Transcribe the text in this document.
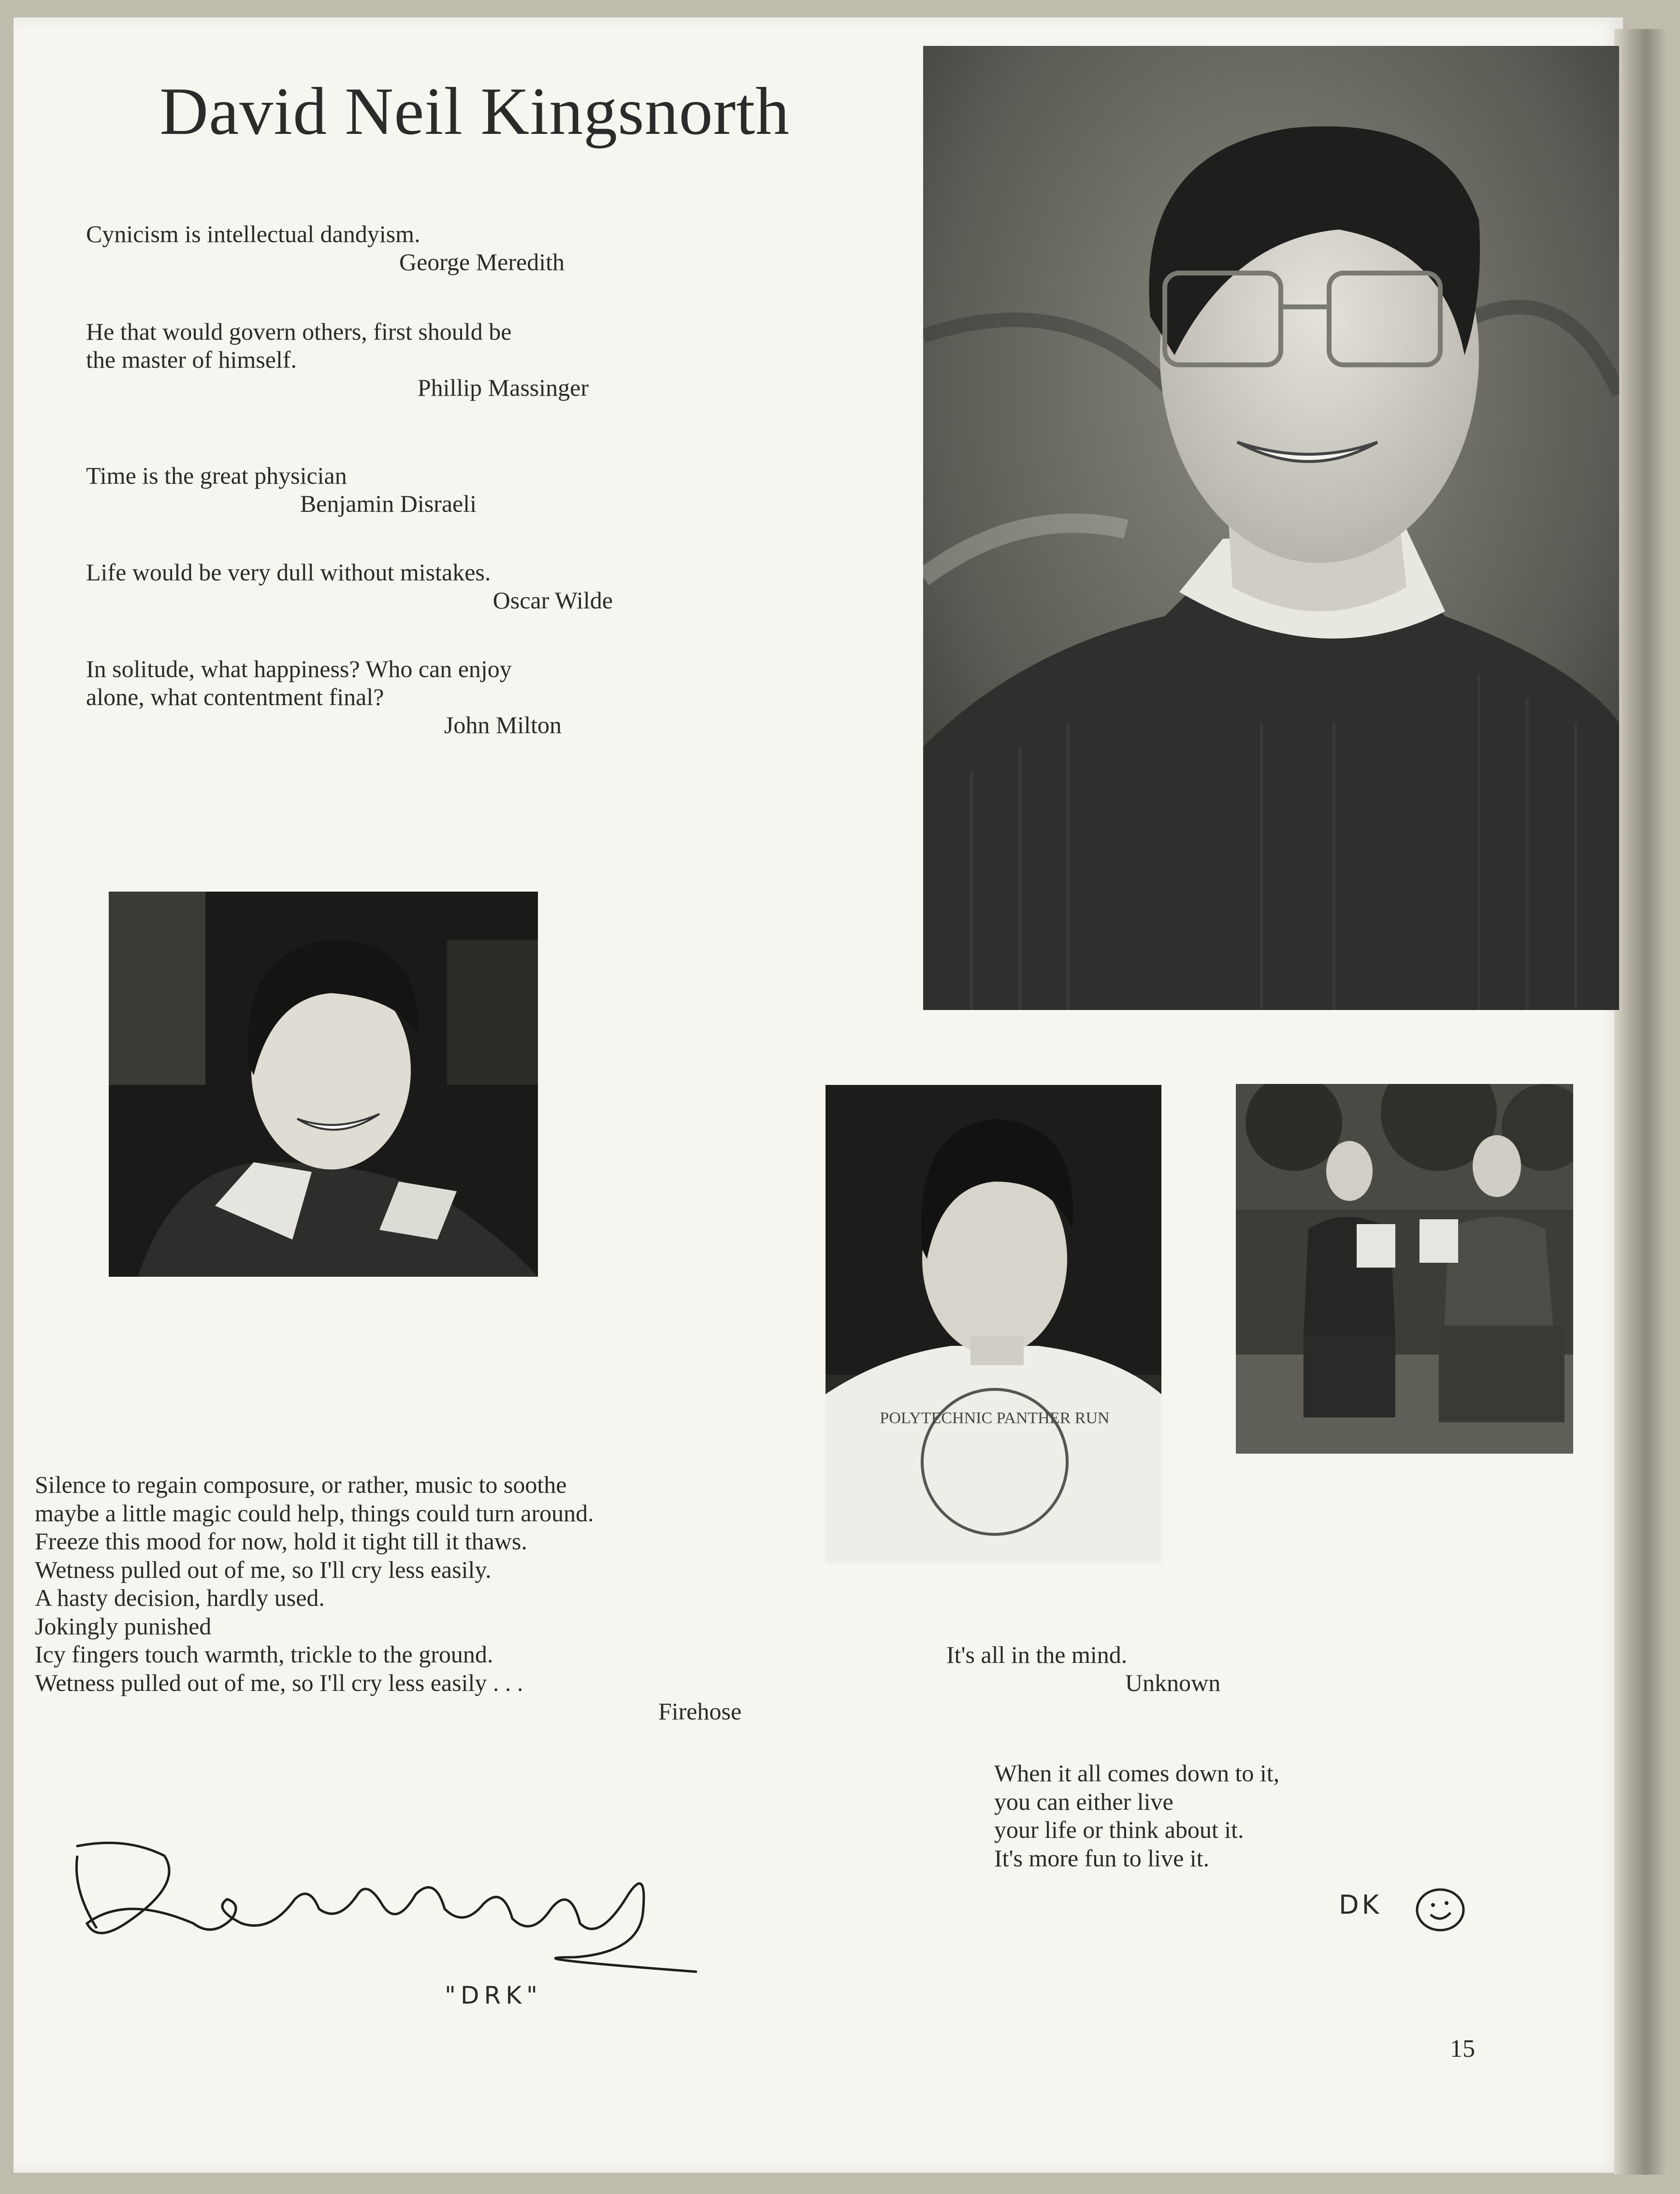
David Neil Kingsnorth

Cynicism is intellectual dandyism.

George Meredith

He that would govern others, first should be

the master of himself.

Phillip Massinger

Time is the great physician

Benjamin Disraeli

Life would be very dull without mistakes.

Oscar Wilde

In solitude, what happiness? Who can enjoy

alone, what contentment final?

John Milton

POLYTECHNIC PANTHER RUN
Silence to regain composure, or rather, music to soothe
maybe a little magic could help, things could turn around.
Freeze this mood for now, hold it tight till it thaws.
Wetness pulled out of me, so I'll cry less easily.
A hasty decision, hardly used.
Jokingly punished
Icy fingers touch warmth, trickle to the ground.
Wetness pulled out of me, so I'll cry less easily . . .
Firehose
It's all in the mind.
Unknown
When it all comes down to it,
you can either live
your life or think about it.
It's more fun to live it.
DK
"DRK"
15
